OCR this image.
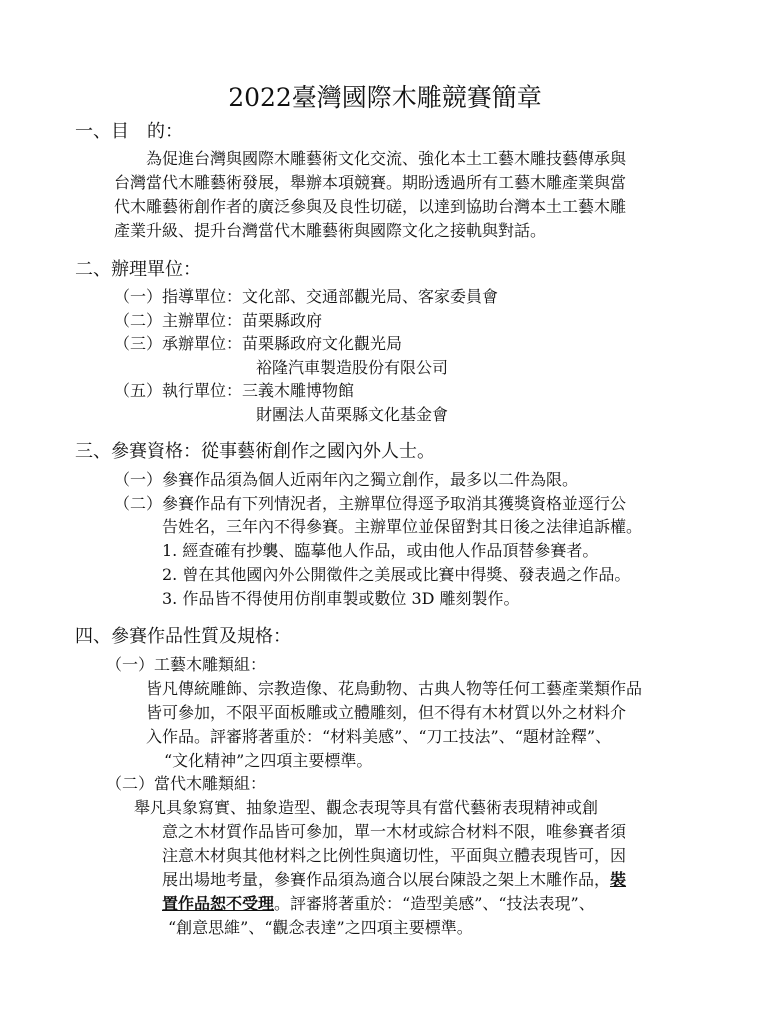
2022臺灣國際木雕競賽簡章
一、目　的：
為促進台灣與國際木雕藝術文化交流、強化本土工藝木雕技藝傳承與
台灣當代木雕藝術發展，舉辦本項競賽。期盼透過所有工藝木雕產業與當
代木雕藝術創作者的廣泛參與及良性切磋，以達到協助台灣本土工藝木雕
產業升級、提升台灣當代木雕藝術與國際文化之接軌與對話。
二、辦理單位：
（一）指導單位：文化部、交通部觀光局、客家委員會
（二）主辦單位：苗栗縣政府
（三）承辦單位：苗栗縣政府文化觀光局
裕隆汽車製造股份有限公司
（五）執行單位：三義木雕博物館
財團法人苗栗縣文化基金會
三、參賽資格：從事藝術創作之國內外人士。
（一）參賽作品須為個人近兩年內之獨立創作，最多以二件為限。
（二）參賽作品有下列情況者，主辦單位得逕予取消其獲獎資格並逕行公
告姓名，三年內不得參賽。主辦單位並保留對其日後之法律追訴權。
1. 經查確有抄襲、臨摹他人作品，或由他人作品頂替參賽者。
2. 曾在其他國內外公開徵件之美展或比賽中得獎、發表過之作品。
3. 作品皆不得使用仿削車製或數位 3D 雕刻製作。
四、參賽作品性質及規格：
（一）工藝木雕類組：
皆凡傳統雕飾、宗教造像、花鳥動物、古典人物等任何工藝產業類作品
皆可參加，不限平面板雕或立體雕刻，但不得有木材質以外之材料介
入作品。評審將著重於：“材料美感”、“刀工技法”、“題材詮釋”、
“文化精神”之四項主要標準。
（二）當代木雕類組：
舉凡具象寫實、抽象造型、觀念表現等具有當代藝術表現精神或創
意之木材質作品皆可參加，單一木材或綜合材料不限，唯參賽者須
注意木材與其他材料之比例性與適切性，平面與立體表現皆可，因
展出場地考量，參賽作品須為適合以展台陳設之架上木雕作品，裝
置作品恕不受理。評審將著重於：“造型美感”、“技法表現”、
“創意思維”、“觀念表達”之四項主要標準。
